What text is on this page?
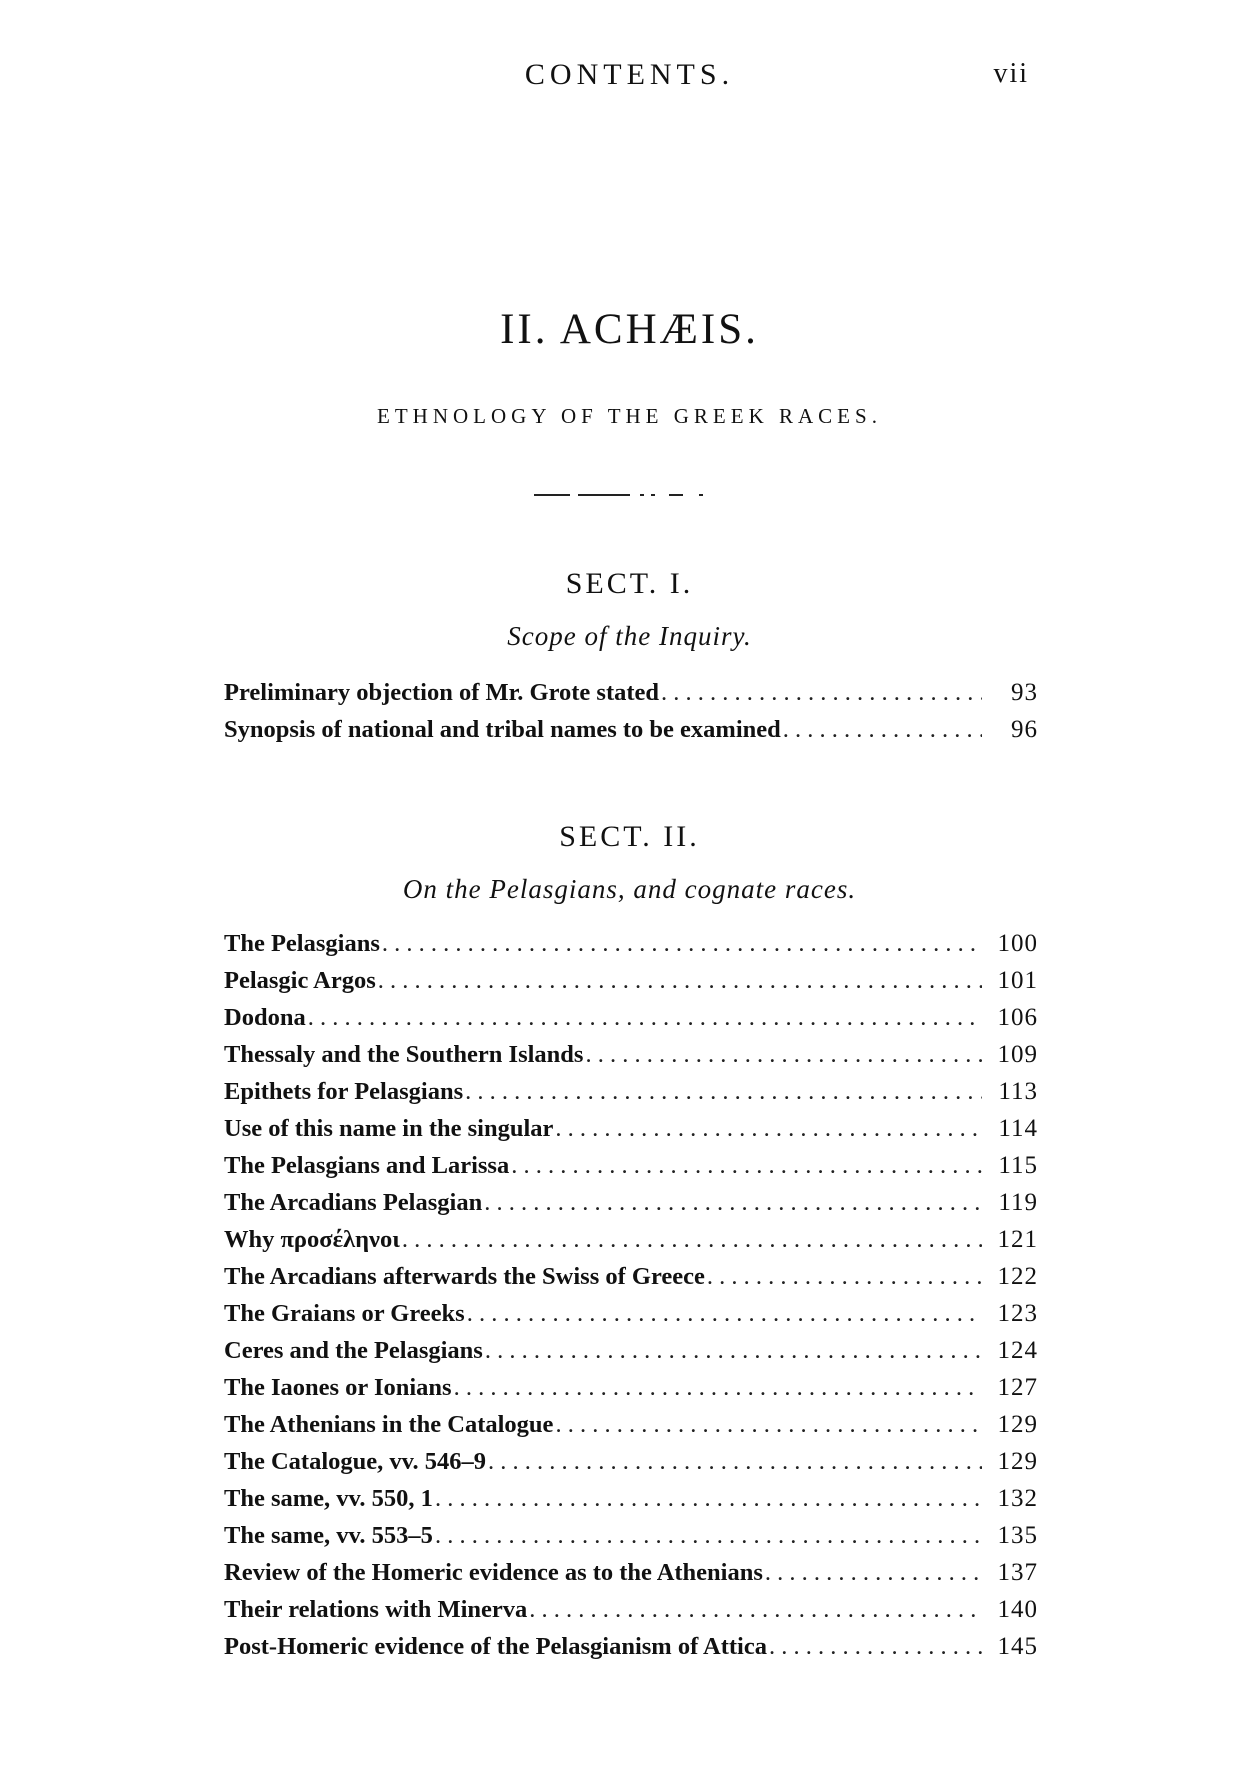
CONTENTS.	vii
II. ACHÆIS.
ETHNOLOGY OF THE GREEK RACES.
SECT. I.
Scope of the Inquiry.
Preliminary objection of Mr. Grote stated . . .	93
Synopsis of national and tribal names to be examined . . .	96
SECT. II.
On the Pelasgians, and cognate races.
The Pelasgians . . .	100
Pelasgic Argos . . .	101
Dodona . . .	106
Thessaly and the Southern Islands . . .	109
Epithets for Pelasgians . . .	113
Use of this name in the singular . . .	114
The Pelasgians and Larissa . . .	115
The Arcadians Pelasgian . . .	119
Why προσέληνοι . . .	121
The Arcadians afterwards the Swiss of Greece . . .	122
The Graians or Greeks . . .	123
Ceres and the Pelasgians . . .	124
The Iaones or Ionians . . .	127
The Athenians in the Catalogue . . .	129
The Catalogue, vv. 546–9 . . .	129
The same, vv. 550, 1 . . .	132
The same, vv. 553–5 . . .	135
Review of the Homeric evidence as to the Athenians . . .	137
Their relations with Minerva . . .	140
Post-Homeric evidence of the Pelasgianism of Attica . . .	145
